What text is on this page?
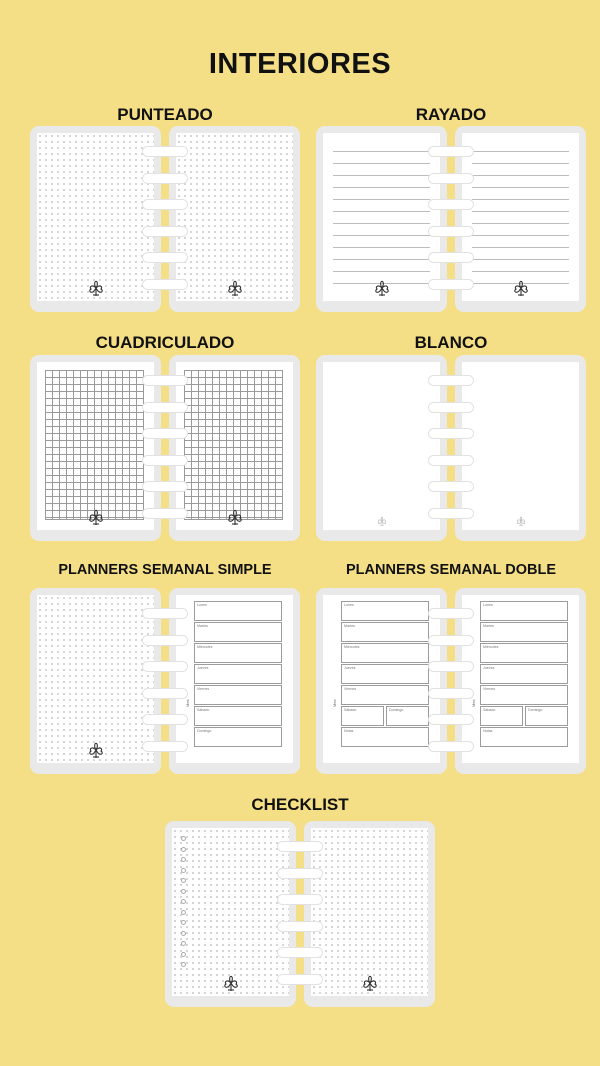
INTERIORES
PUNTEADO	RAYADO
CUADRICULADO	BLANCO
PLANNERS SEMANAL SIMPLE	PLANNERS SEMANAL DOBLE
CHECKLIST
Mes
Lunes
Martes
Miércoles
Jueves
Viernes
Sábado
Domingo
Mes
Lunes
Martes
Miércoles
Jueves
Viernes
Sábado	Domingo
Notas
Mes
Lunes
Martes
Miércoles
Jueves
Viernes
Sábado	Domingo
Notas
